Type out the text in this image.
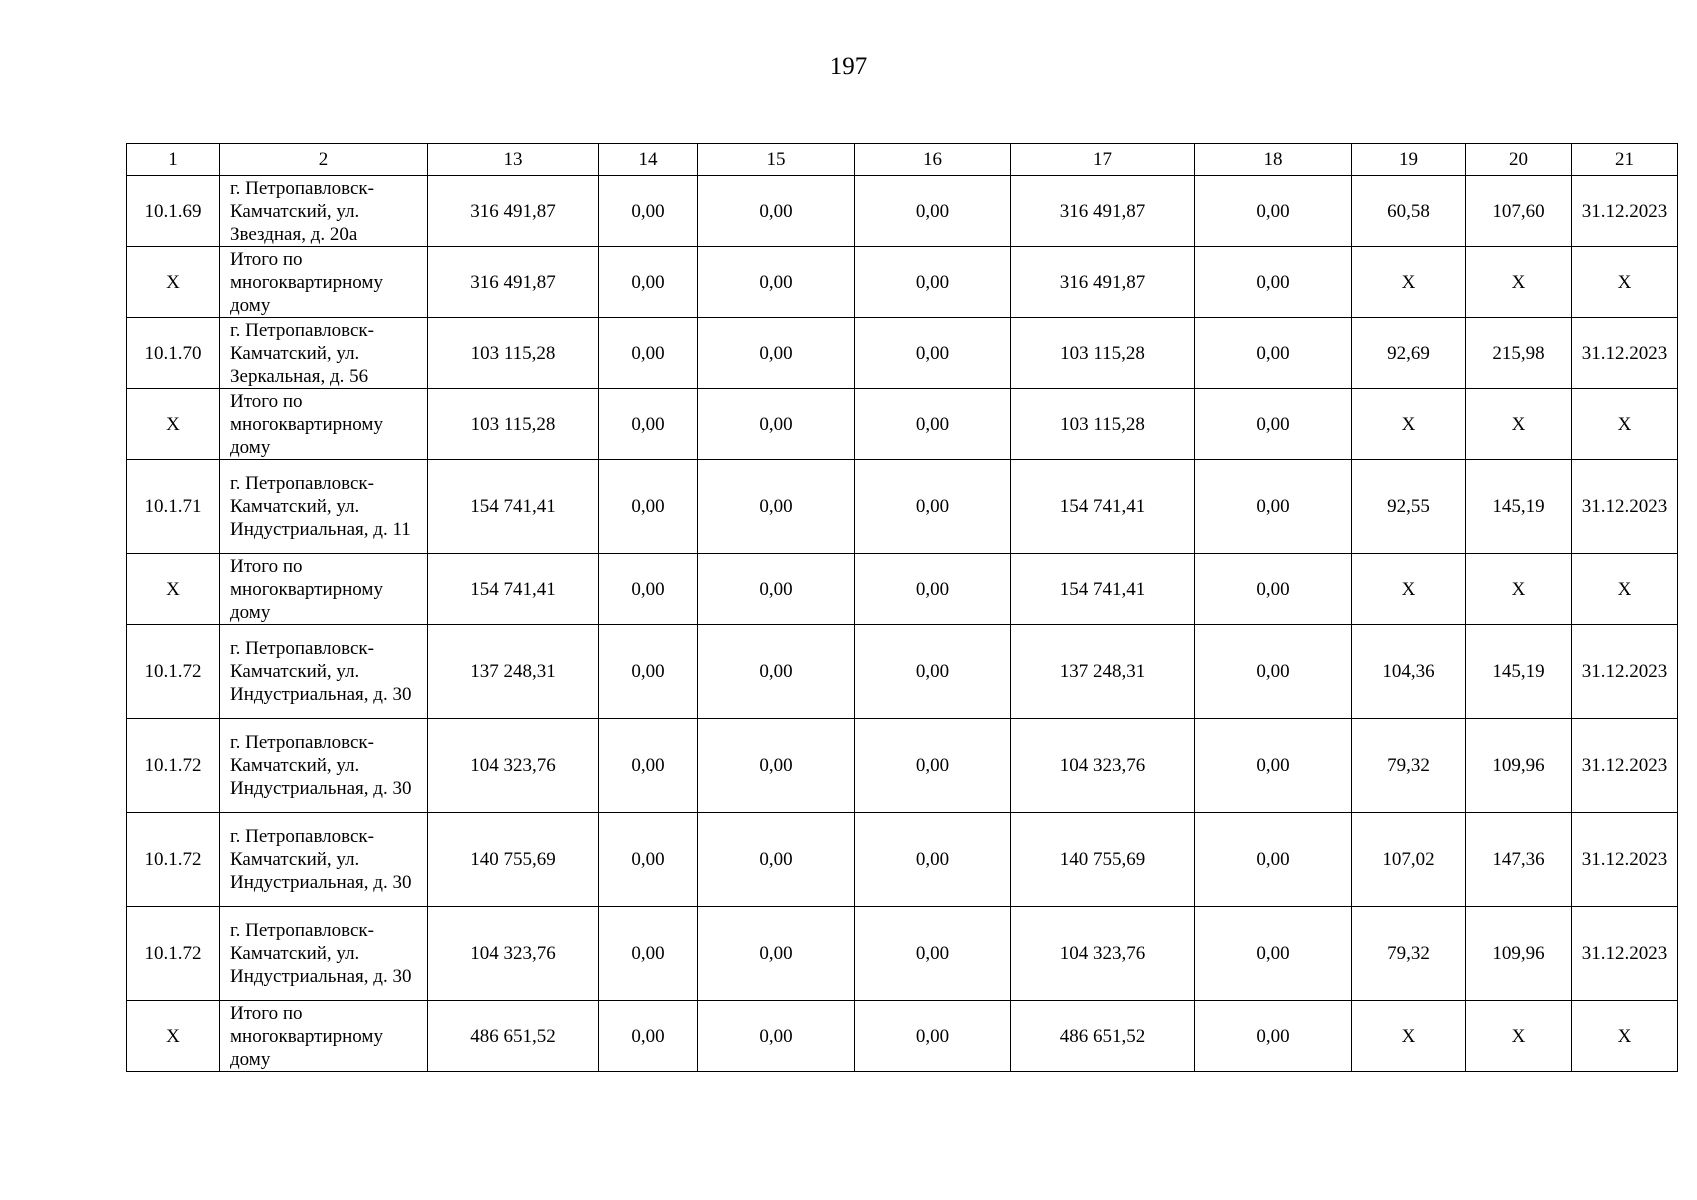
197
1	2	13	14	15	16	17	18	19	20	21
10.1.69	г. Петропавловск-Камчатский, ул. Звездная, д. 20а	316 491,87	0,00	0,00	0,00	316 491,87	0,00	60,58	107,60	31.12.2023
Х	Итого по многоквартирному дому	316 491,87	0,00	0,00	0,00	316 491,87	0,00	Х	Х	Х
10.1.70	г. Петропавловск-Камчатский, ул. Зеркальная, д. 56	103 115,28	0,00	0,00	0,00	103 115,28	0,00	92,69	215,98	31.12.2023
Х	Итого по многоквартирному дому	103 115,28	0,00	0,00	0,00	103 115,28	0,00	Х	Х	Х
10.1.71	г. Петропавловск-Камчатский, ул. Индустриальная, д. 11	154 741,41	0,00	0,00	0,00	154 741,41	0,00	92,55	145,19	31.12.2023
Х	Итого по многоквартирному дому	154 741,41	0,00	0,00	0,00	154 741,41	0,00	Х	Х	Х
10.1.72	г. Петропавловск-Камчатский, ул. Индустриальная, д. 30	137 248,31	0,00	0,00	0,00	137 248,31	0,00	104,36	145,19	31.12.2023
10.1.72	г. Петропавловск-Камчатский, ул. Индустриальная, д. 30	104 323,76	0,00	0,00	0,00	104 323,76	0,00	79,32	109,96	31.12.2023
10.1.72	г. Петропавловск-Камчатский, ул. Индустриальная, д. 30	140 755,69	0,00	0,00	0,00	140 755,69	0,00	107,02	147,36	31.12.2023
10.1.72	г. Петропавловск-Камчатский, ул. Индустриальная, д. 30	104 323,76	0,00	0,00	0,00	104 323,76	0,00	79,32	109,96	31.12.2023
Х	Итого по многоквартирному дому	486 651,52	0,00	0,00	0,00	486 651,52	0,00	Х	Х	Х
